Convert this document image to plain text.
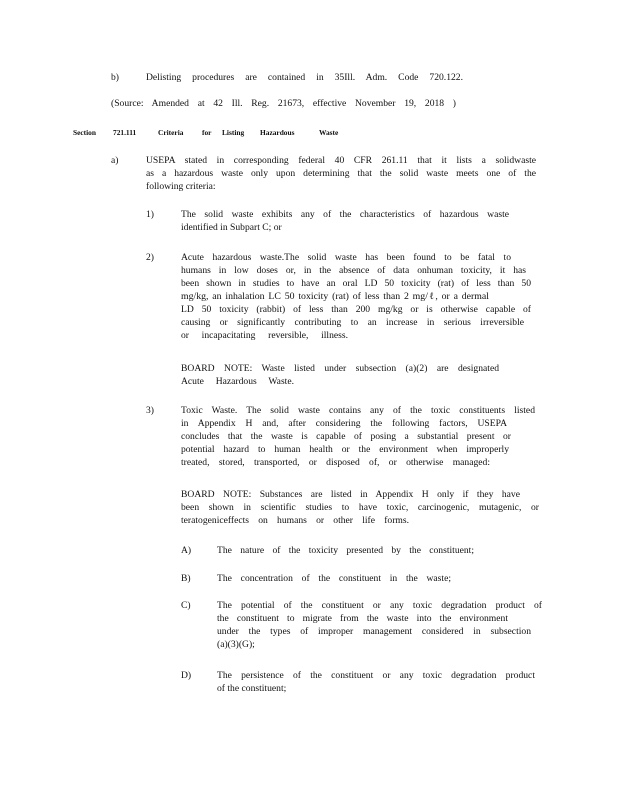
b)	Delisting procedures are contained in 35Ill. Adm. Code 720.122.
(Source: Amended at 42 Ill. Reg. 21673, effective November 19, 2018 )
Section 721.111	Criteria	for Listing Hazardous	Waste
a)	USEPA stated in corresponding federal 40 CFR 261.11 that it lists a solidwaste
as a hazardous waste only upon determining that the solid waste meets one of the
following criteria:
1)	The solid waste exhibits any of the characteristics of hazardous waste
identified in Subpart C; or
2)	Acute hazardous waste.The solid waste has been found to be fatal to
humans in low doses or, in the absence of data onhuman toxicity, it has
been shown in studies to have an oral LD 50 toxicity (rat) of less than 50
mg/kg, an inhalation LC 50 toxicity (rat) of less than 2 mg/ℓ, or a dermal
LD 50 toxicity (rabbit) of less than 200 mg/kg or is otherwise capable of
causing or significantly contributing to an increase in serious irreversible
or incapacitating reversible, illness.
BOARD NOTE: Waste listed under subsection (a)(2) are designated
Acute Hazardous Waste.
3)	Toxic Waste. The solid waste contains any of the toxic constituents listed
in Appendix H and, after considering the following factors, USEPA
concludes that the waste is capable of posing a substantial present or
potential hazard to human health or the environment when improperly
treated, stored, transported, or disposed of, or otherwise managed:
BOARD NOTE: Substances are listed in Appendix H only if they have
been shown in scientific studies to have toxic, carcinogenic, mutagenic, or
teratogeniceffects on humans or other life forms.
A)	The nature of the toxicity presented by the constituent;
B)	The concentration of the constituent in the waste;
C)	The potential of the constituent or any toxic degradation product of
the constituent to migrate from the waste into the environment
under the types of improper management considered in subsection
(a)(3)(G);
D)	The persistence of the constituent or any toxic degradation product
of the constituent;
